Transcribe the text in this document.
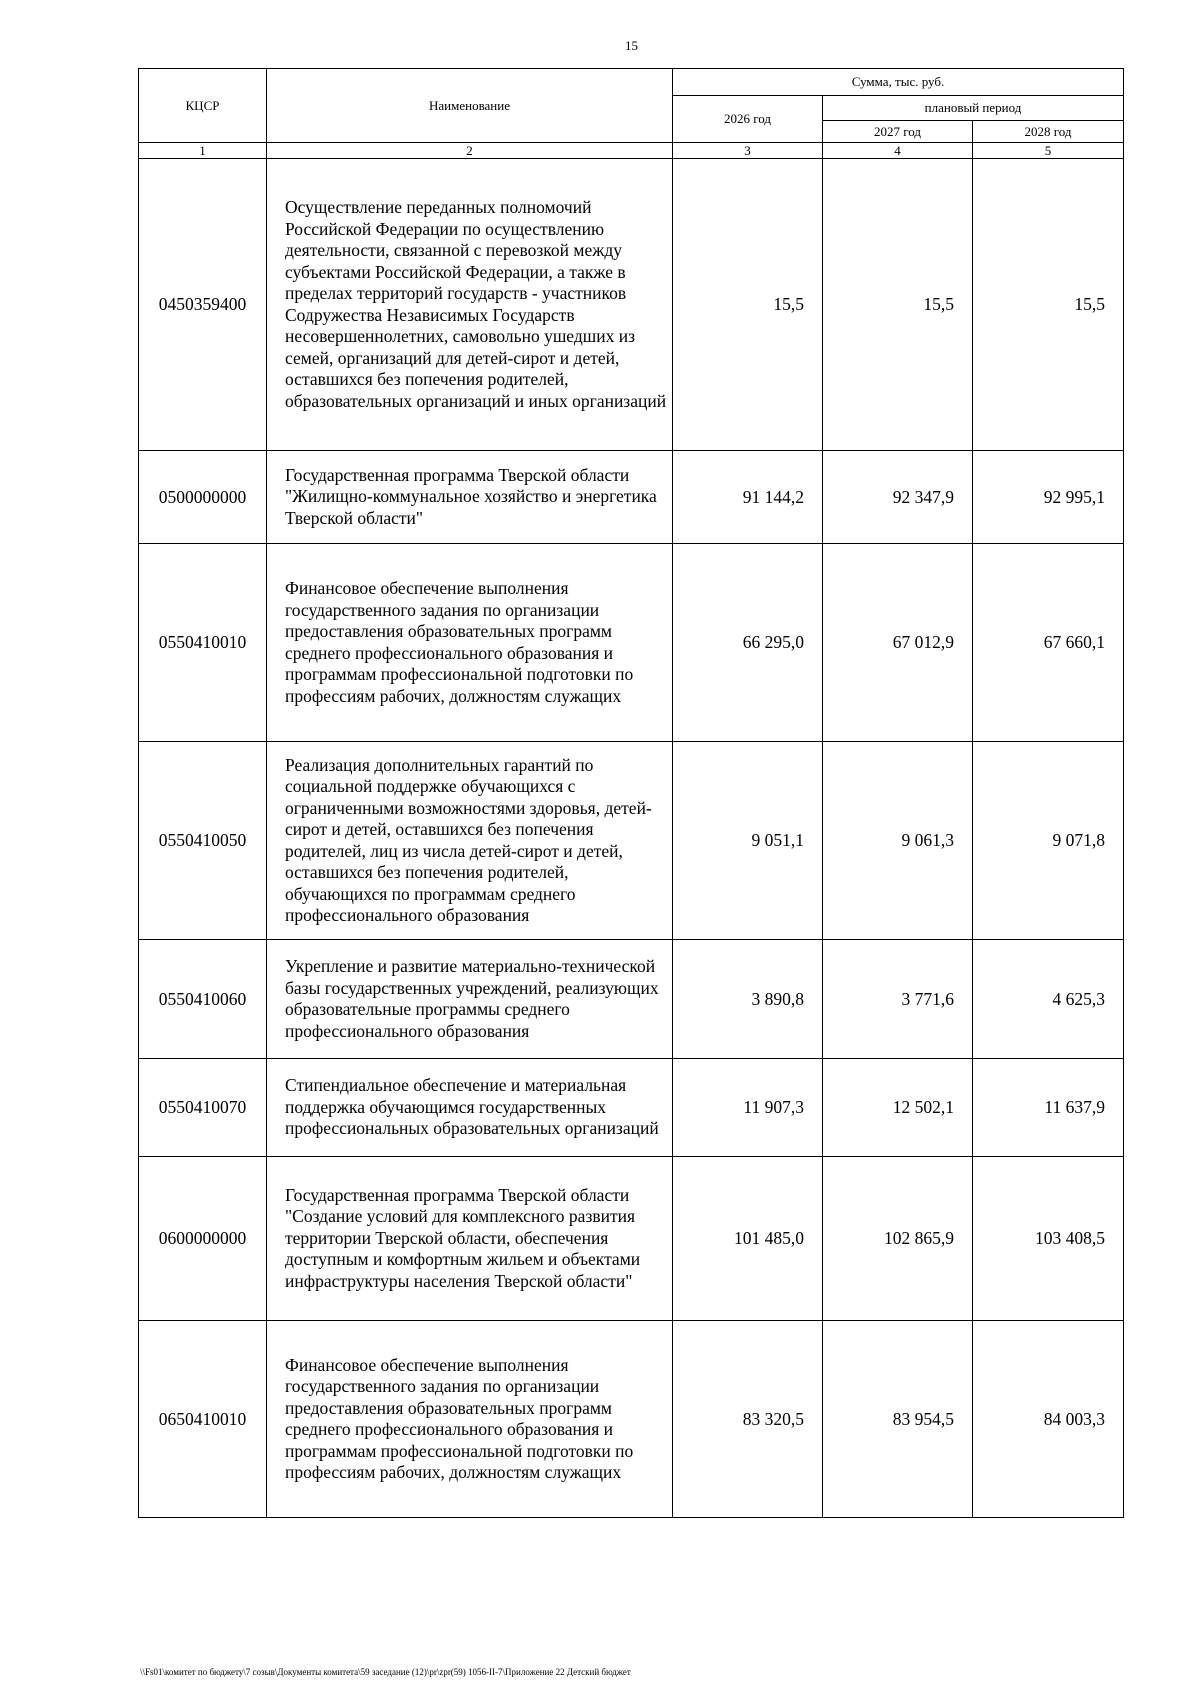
15
КЦСР	Наименование	Сумма, тыс. руб.		
		2026 год	плановый период	
			2027 год	2028 год
1	2	3	4	5
0450359400	Осуществление переданных полномочий Российской Федерации по осуществлению деятельности, связанной с перевозкой между субъектами Российской Федерации, а также в пределах территорий государств - участников Содружества Независимых Государств несовершеннолетних, самовольно ушедших из семей, организаций для детей-сирот и детей, оставшихся без попечения родителей, образовательных организаций и иных организаций	15,5	15,5	15,5
0500000000	Государственная программа Тверской области "Жилищно-коммунальное хозяйство и энергетика Тверской области"	91 144,2	92 347,9	92 995,1
0550410010	Финансовое обеспечение выполнения государственного задания по организации предоставления образовательных программ среднего профессионального образования и программам профессиональной подготовки по профессиям рабочих, должностям служащих	66 295,0	67 012,9	67 660,1
0550410050	Реализация дополнительных гарантий по социальной поддержке обучающихся с ограниченными возможностями здоровья, детей-сирот и детей, оставшихся без попечения родителей, лиц из числа детей-сирот и детей, оставшихся без попечения родителей, обучающихся по программам среднего профессионального образования	9 051,1	9 061,3	9 071,8
0550410060	Укрепление и развитие материально-технической базы государственных учреждений, реализующих образовательные программы среднего профессионального образования	3 890,8	3 771,6	4 625,3
0550410070	Стипендиальное обеспечение и материальная поддержка обучающимся государственных профессиональных образовательных организаций	11 907,3	12 502,1	11 637,9
0600000000	Государственная программа Тверской области "Создание условий для комплексного развития территории Тверской области, обеспечения доступным и комфортным жильем и объектами инфраструктуры населения Тверской области"	101 485,0	102 865,9	103 408,5
0650410010	Финансовое обеспечение выполнения государственного задания по организации предоставления образовательных программ среднего профессионального образования и программам профессиональной подготовки по профессиям рабочих, должностям служащих	83 320,5	83 954,5	84 003,3
\\Fs01\комитет по бюджету\7 созыв\Документы комитета\59 заседание (12)\pr\zpr(59) 1056-II-7\Приложение 22 Детский бюджет
